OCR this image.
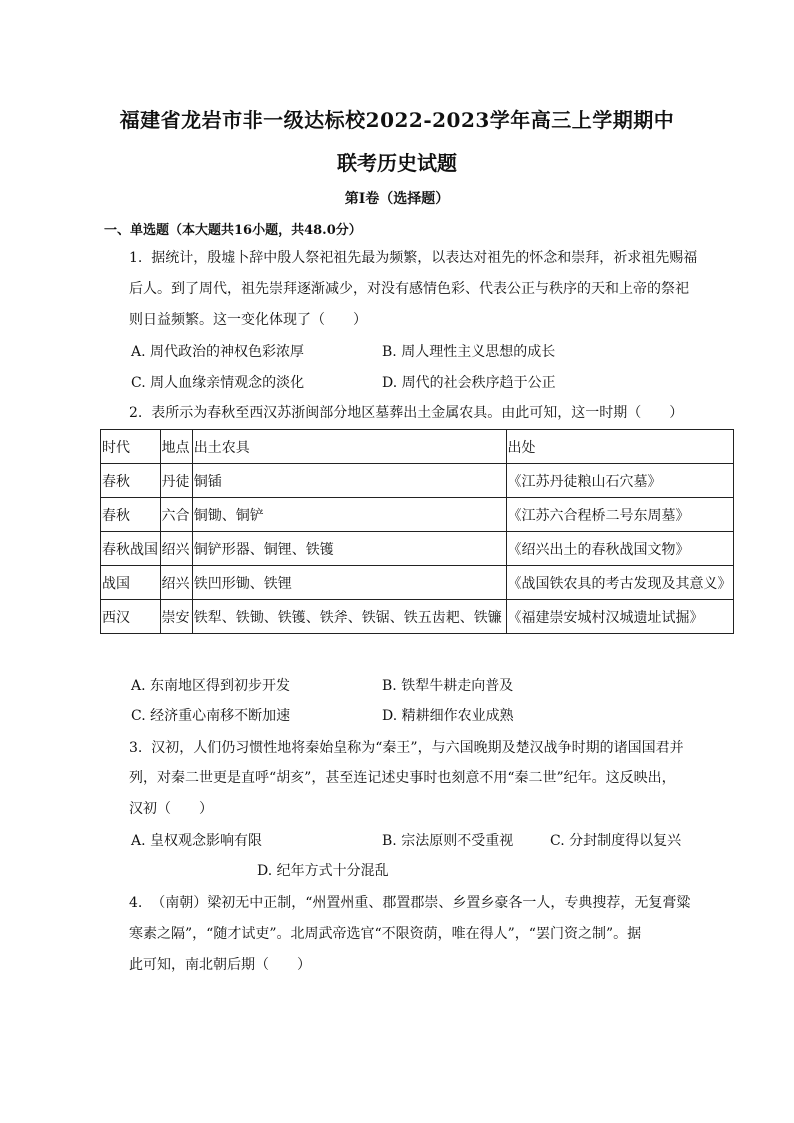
福建省龙岩市非一级达标校2022-2023学年高三上学期期中
联考历史试题
第Ⅰ卷（选择题）
一、单选题（本大题共16小题，共48.0分）
1. 据统计，殷墟卜辞中殷人祭祀祖先最为频繁，以表达对祖先的怀念和崇拜，祈求祖先赐福
后人。到了周代，祖先崇拜逐渐减少，对没有感情色彩、代表公正与秩序的天和上帝的祭祀
则日益频繁。这一变化体现了（　　）
A. 周代政治的神权色彩浓厚	B. 周人理性主义思想的成长
C. 周人血缘亲情观念的淡化	D. 周代的社会秩序趋于公正
2. 表所示为春秋至西汉苏浙闽部分地区墓葬出土金属农具。由此可知，这一时期（　　）
时代	地点	出土农具	出处
春秋	丹徒	铜锸	《江苏丹徒粮山石穴墓》
春秋	六合	铜锄、铜铲	《江苏六合程桥二号东周墓》
春秋战国	绍兴	铜铲形器、铜锂、铁镬	《绍兴出土的春秋战国文物》
战国	绍兴	铁凹形锄、铁锂	《战国铁农具的考古发现及其意义》
西汉	崇安	铁犁、铁锄、铁镬、铁斧、铁锯、铁五齿耙、铁镰	《福建崇安城村汉城遗址试掘》
A. 东南地区得到初步开发	B. 铁犁牛耕走向普及
C. 经济重心南移不断加速	D. 精耕细作农业成熟
3. 汉初，人们仍习惯性地将秦始皇称为“秦王”，与六国晚期及楚汉战争时期的诸国国君并
列，对秦二世更是直呼“胡亥”，甚至连记述史事时也刻意不用“秦二世”纪年。这反映出，
汉初（　　）
A. 皇权观念影响有限	B. 宗法原则不受重视	C. 分封制度得以复兴
D. 纪年方式十分混乱
4. （南朝）梁初无中正制，“州置州重、郡置郡崇、乡置乡豪各一人，专典搜荐，无复膏粱
寒素之隔”，“随才试吏”。北周武帝选官“不限资荫，唯在得人”，“罢门资之制”。据
此可知，南北朝后期（　　）
